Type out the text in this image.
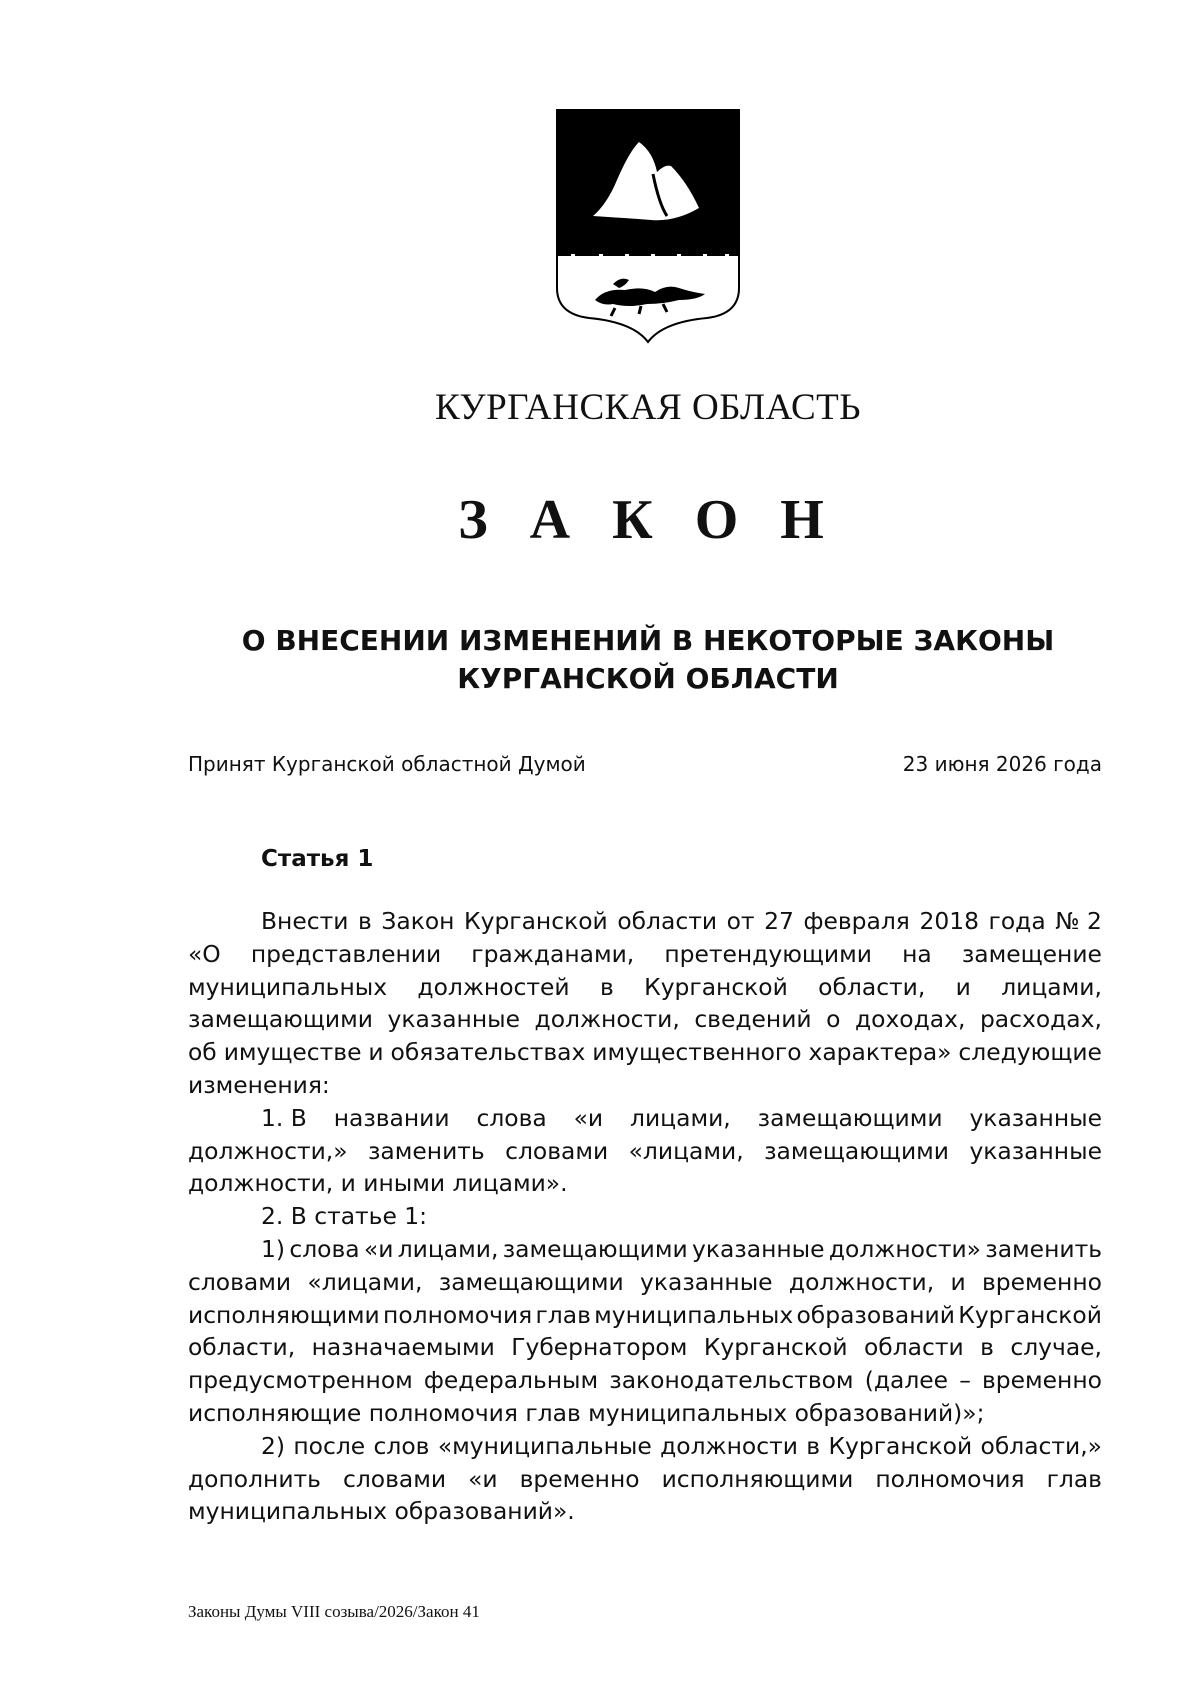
КУРГАНСКАЯ ОБЛАСТЬ
З А К О Н
О ВНЕСЕНИИ ИЗМЕНЕНИЙ В НЕКОТОРЫЕ ЗАКОНЫ
КУРГАНСКОЙ ОБЛАСТИ
Принят Курганской областной Думой	23 июня 2026 года
Статья 1
Внести в Закон Курганской области от 27 февраля 2018 года № 2
«О представлении гражданами, претендующими на замещение
муниципальных должностей в Курганской области, и лицами,
замещающими указанные должности, сведений о доходах, расходах,
об имуществе и обязательствах имущественного характера» следующие
изменения:
1. В названии слова «и лицами, замещающими указанные
должности,» заменить словами «лицами, замещающими указанные
должности, и иными лицами».
2. В статье 1:
1) слова «и лицами, замещающими указанные должности» заменить
словами «лицами, замещающими указанные должности, и временно
исполняющими полномочия глав муниципальных образований Курганской
области, назначаемыми Губернатором Курганской области в случае,
предусмотренном федеральным законодательством (далее – временно
исполняющие полномочия глав муниципальных образований)»;
2) после слов «муниципальные должности в Курганской области,»
дополнить словами «и временно исполняющими полномочия глав
муниципальных образований».
Законы Думы VIII созыва/2026/Закон 41
